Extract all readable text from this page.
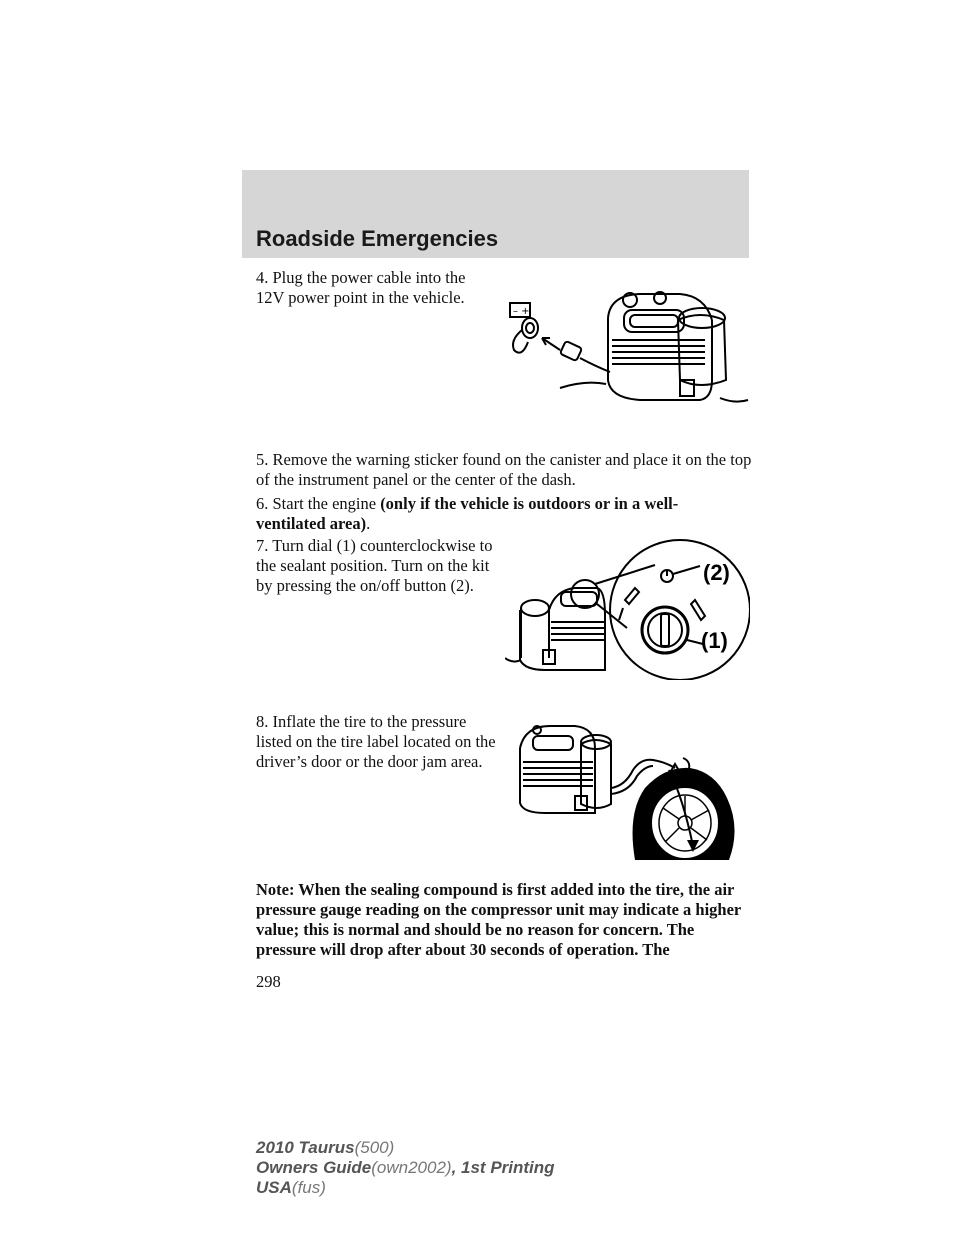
Roadside Emergencies

4. Plug the power cable into the 12V power point in the vehicle.

– +

5. Remove the warning sticker found on the canister and place it on the top of the instrument panel or the center of the dash.

6. Start the engine (only if the vehicle is outdoors or in a well-ventilated area).

7. Turn dial (1) counterclockwise to the sealant position. Turn on the kit by pressing the on/off button (2).

(2)
(1)

8. Inflate the tire to the pressure listed on the tire label located on the driver’s door or the door jam area.

Note: When the sealing compound is first added into the tire, the air pressure gauge reading on the compressor unit may indicate a higher value; this is normal and should be no reason for concern. The pressure will drop after about 30 seconds of operation. The

298

2010 Taurus(500)
Owners Guide(own2002), 1st Printing
USA(fus)
